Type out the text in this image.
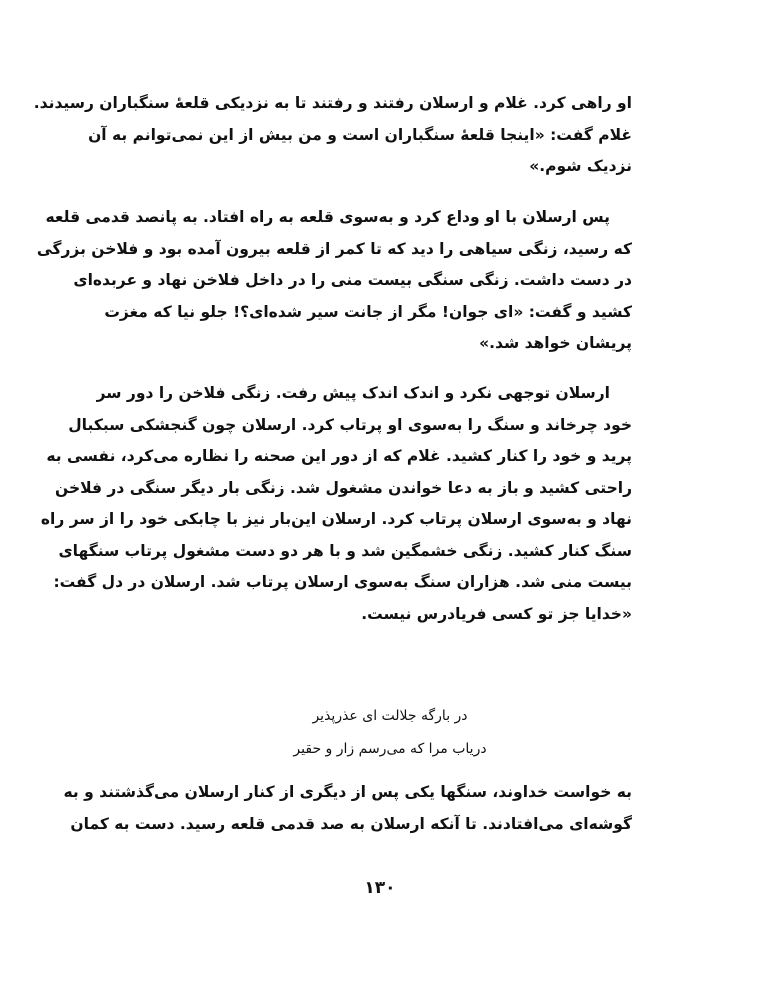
او راهی کرد. غلام و ارسلان رفتند و رفتند تا به نزدیکی قلعهٔ سنگباران رسیدند.
غلام گفت: «اینجا قلعهٔ سنگباران است و من بیش از این نمی‌توانم به آن
نزدیک شوم.»
پس ارسلان با او وداع کرد و به‌سوی قلعه به راه افتاد. به پانصد قدمی قلعه
که رسید، زنگی سیاهی را دید که تا کمر از قلعه بیرون آمده بود و فلاخن بزرگی
در دست داشت. زنگی سنگی بیست منی را در داخل فلاخن نهاد و عربده‌ای
کشید و گفت: «ای جوان! مگر از جانت سیر شده‌ای؟! جلو نیا که مغزت
پریشان خواهد شد.»
ارسلان توجهی نکرد و اندک اندک پیش رفت. زنگی فلاخن را دور سر
خود چرخاند و سنگ را به‌سوی او پرتاب کرد. ارسلان چون گنجشکی سبکبال
پرید و خود را کنار کشید. غلام که از دور این صحنه را نظاره می‌کرد، نفسی به
راحتی کشید و باز به دعا خواندن مشغول شد. زنگی بار دیگر سنگی در فلاخن
نهاد و به‌سوی ارسلان پرتاب کرد. ارسلان این‌بار نیز با چابکی خود را از سر راه
سنگ کنار کشید. زنگی خشمگین شد و با هر دو دست مشغول پرتاب سنگهای
بیست منی شد. هزاران سنگ به‌سوی ارسلان پرتاب شد. ارسلان در دل گفت:
«خدایا جز تو کسی فریادرس نیست.
در بارگه جلالت ای عذرپذیر
دریاب مرا که می‌رسم زار و حقیر
به خواست خداوند، سنگها یکی پس از دیگری از کنار ارسلان می‌گذشتند و به
گوشه‌ای می‌افتادند. تا آنکه ارسلان به صد قدمی قلعه رسید. دست به کمان
۱۳۰
